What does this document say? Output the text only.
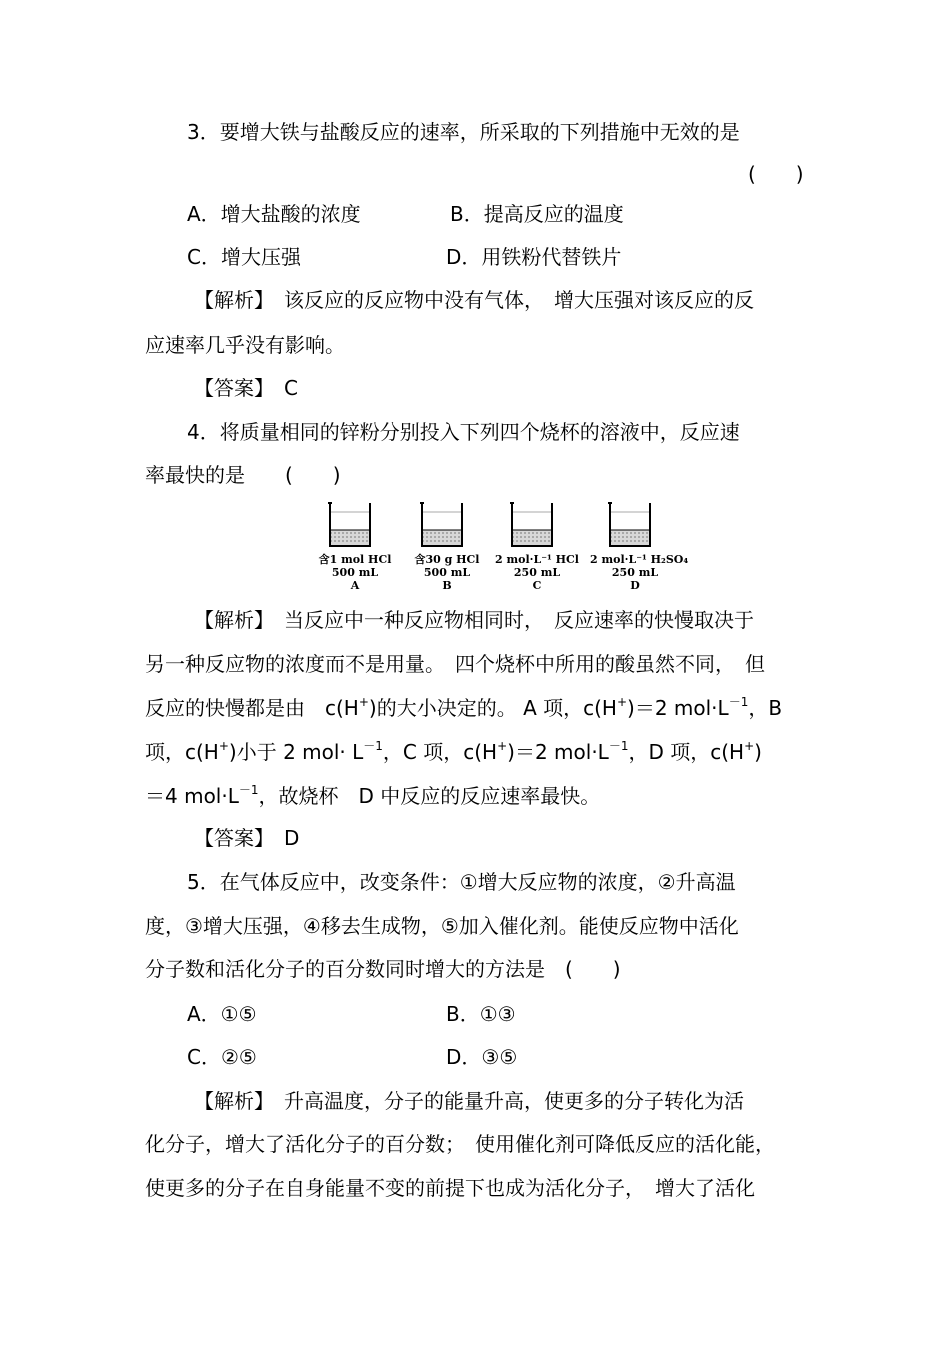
3．要增大铁与盐酸反应的速率，所采取的下列措施中无效的是
(　　)
A．增大盐酸的浓度	B．提高反应的温度
C．增大压强	D．用铁粉代替铁片
【解析】　该反应的反应物中没有气体，　增大压强对该反应的反
应速率几乎没有影响。
【答案】　C
4．将质量相同的锌粉分别投入下列四个烧杯的溶液中，反应速
率最快的是　　(　　)
含1 mol HCl
500 mL
A
含30 g HCl
500 mL
B
2 mol·L⁻¹ HCl
250 mL
C
2 mol·L⁻¹ H₂SO₄
250 mL
D
【解析】　当反应中一种反应物相同时，　反应速率的快慢取决于
另一种反应物的浓度而不是用量。　四个烧杯中所用的酸虽然不同，　但
反应的快慢都是由　c(H+)的大小决定的。 A 项，c(H+)＝2 $mol\cdot L^{-1}$，B
项，c(H+)小于 2 $mol\cdot L^{-1}$，C 项，c(H+)＝2 $mol\cdot L^{-1}$，D 项，c(H+)
＝4 $mol\cdot L^{-1}$，故烧杯　D 中反应的反应速率最快。
【答案】　D
5．在气体反应中，改变条件：①增大反应物的浓度，②升高温
度，③增大压强，④移去生成物，⑤加入催化剂。能使反应物中活化
分子数和活化分子的百分数同时增大的方法是　(　　)
A．①⑤	B．①③
C．②⑤	D．③⑤
【解析】　升高温度，分子的能量升高，使更多的分子转化为活
化分子，增大了活化分子的百分数；　使用催化剂可降低反应的活化能，
使更多的分子在自身能量不变的前提下也成为活化分子，　增大了活化
